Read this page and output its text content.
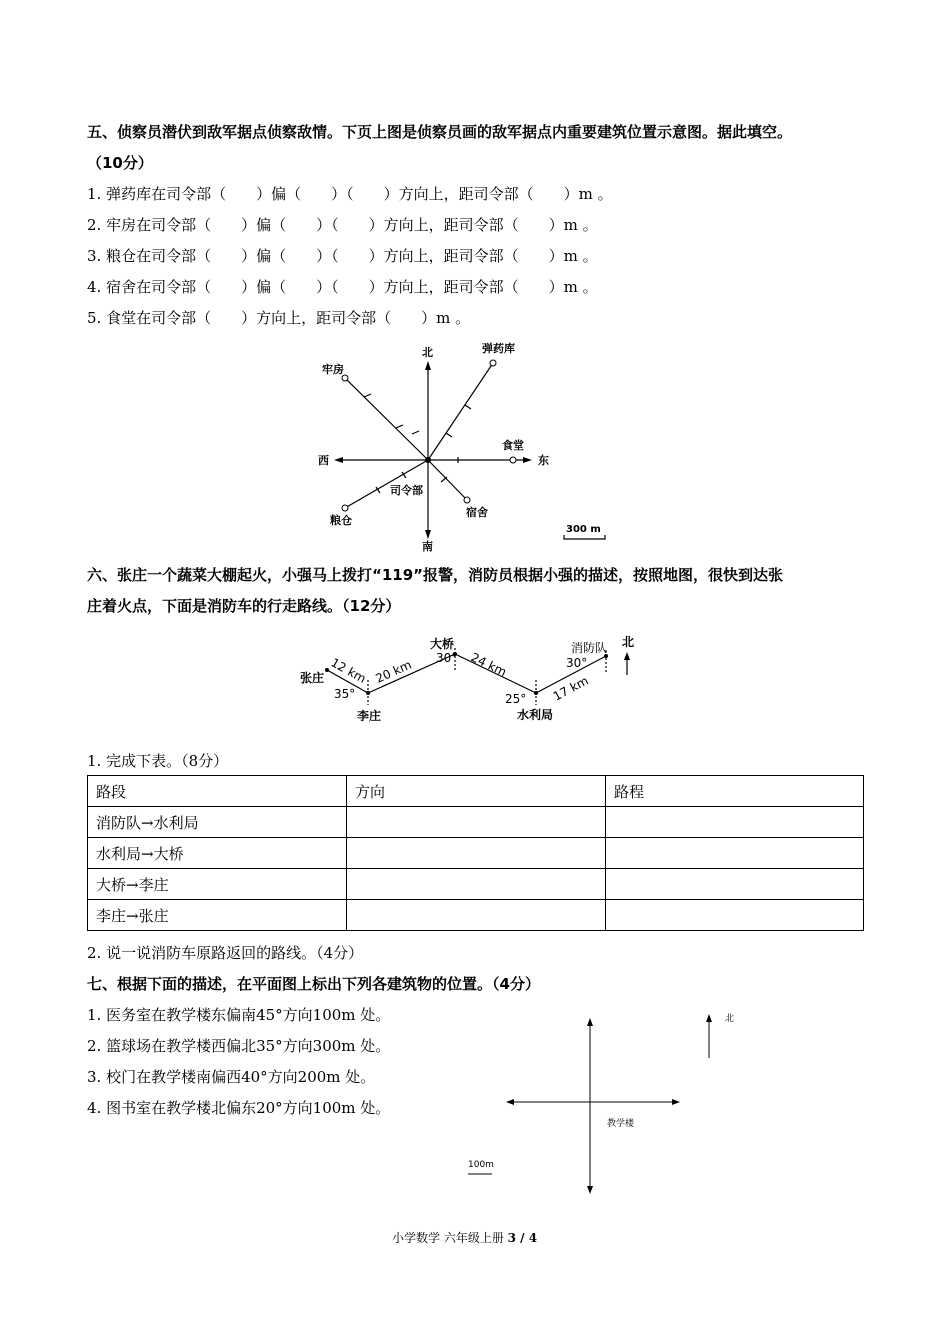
五、侦察员潜伏到敌军据点侦察敌情。下页上图是侦察员画的敌军据点内重要建筑位置示意图。据此填空。
（10分）
1. 弹药库在司令部（　　）偏（　　）（　　）方向上，距司令部（　　）m 。
2. 牢房在司令部（　　）偏（　　）（　　）方向上，距司令部（　　）m 。
3. 粮仓在司令部（　　）偏（　　）（　　）方向上，距司令部（　　）m 。
4. 宿舍在司令部（　　）偏（　　）（　　）方向上，距司令部（　　）m 。
5. 食堂在司令部（　　）方向上，距司令部（　　）m 。
北
南
东
西
弹药库
牢房
食堂
司令部
粮仓
宿舍
300 m
六、张庄一个蔬菜大棚起火，小强马上拨打“119”报警，消防员根据小强的描述，按照地图，很快到达张
庄着火点，下面是消防车的行走路线。（12分）
张庄
李庄
大桥
水利局
消防队 北
12 km 20 km	24 km
17 km
35°
30°
25°
30°
1. 完成下表。（8分）
路段	方向	路程
消防队→水利局		
水利局→大桥		
大桥→李庄		
李庄→张庄		
2. 说一说消防车原路返回的路线。（4分）
七、根据下面的描述，在平面图上标出下列各建筑物的位置。（4分）
1. 医务室在教学楼东偏南45°方向100m 处。
2. 篮球场在教学楼西偏北35°方向300m 处。
3. 校门在教学楼南偏西40°方向200m 处。
4. 图书室在教学楼北偏东20°方向100m 处。
教学楼
北
100m
小学数学 六年级上册 3 / 4
